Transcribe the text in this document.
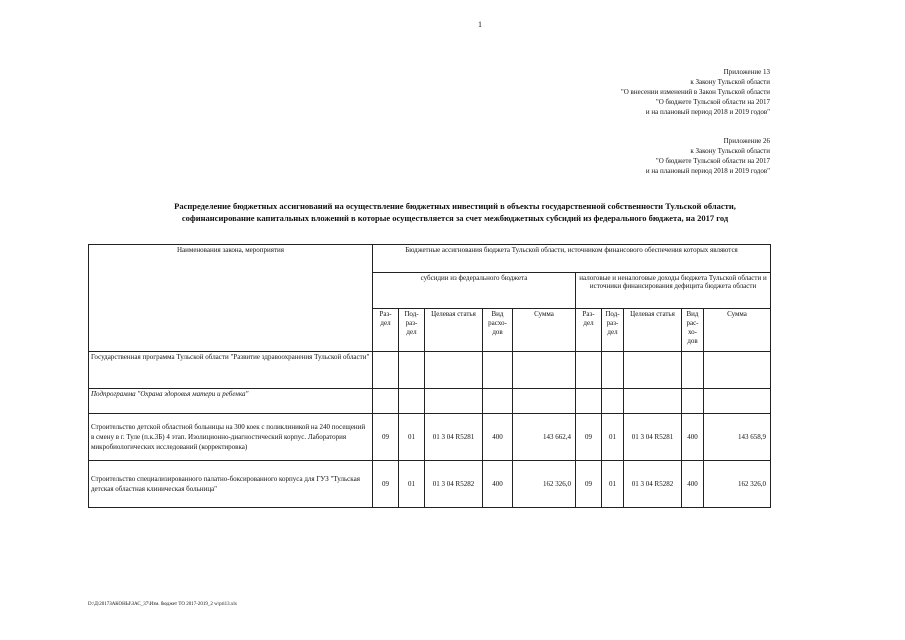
1
Приложение 13
к Закону Тульской области
"О внесении изменений в Закон Тульской области
"О бюджете Тульской области на 2017
и на плановый период 2018 и 2019 годов"
Приложение 26
к Закону Тульской области
"О бюджете Тульской области на 2017
и на плановый период 2018 и 2019 годов"
Распределение бюджетных ассигнований на осуществление бюджетных инвестиций в объекты государственной собственности Тульской области,
софинансирование капитальных вложений в которые осуществляется за счет межбюджетных субсидий из федерального бюджета, на 2017 год
Наименования закона, мероприятия	Бюджетные ассигнования бюджета Тульской области, источником финансового обеспечения которых являются									
	субсидии из федерального бюджета					налоговые и неналоговые доходы бюджета Тульской области и источники финансирования дефицита бюджета области				
	Раз-дел	Под-раз-дел	Целевая статья	Вид расхо-дов	Сумма	Раз-дел	Под-раз-дел	Целевая статья	Вид рас-хо-дов	Сумма
Государственная программа Тульской области "Развитие здравоохранения Тульской области"										
Подпрограмма "Охрана здоровья матери и ребенка"										
Строительство детской областной больницы на 300 коек с поликлиникой на 240 посещений в смену в г. Туле (п.к.3Б) 4 этап. Изолиционно-диагностический корпус. Лаборатория микробиологических исследований (корректировка)	09	01	01 3 04 R5281	400	143 662,4	09	01	01 3 04 R5281	400	143 658,9
Строительство специализированного палатно-боксированного корпуса для ГУЗ "Тульская детская областная клиническая больница"	09	01	01 3 04 R5282	400	162 326,0	09	01	01 3 04 R5282	400	162 326,0
D:\Д\2017ЗАКОНЫ\ЗАС_37\Изм. бюджет ТО 2017-2019_2 w\pri13.xls
